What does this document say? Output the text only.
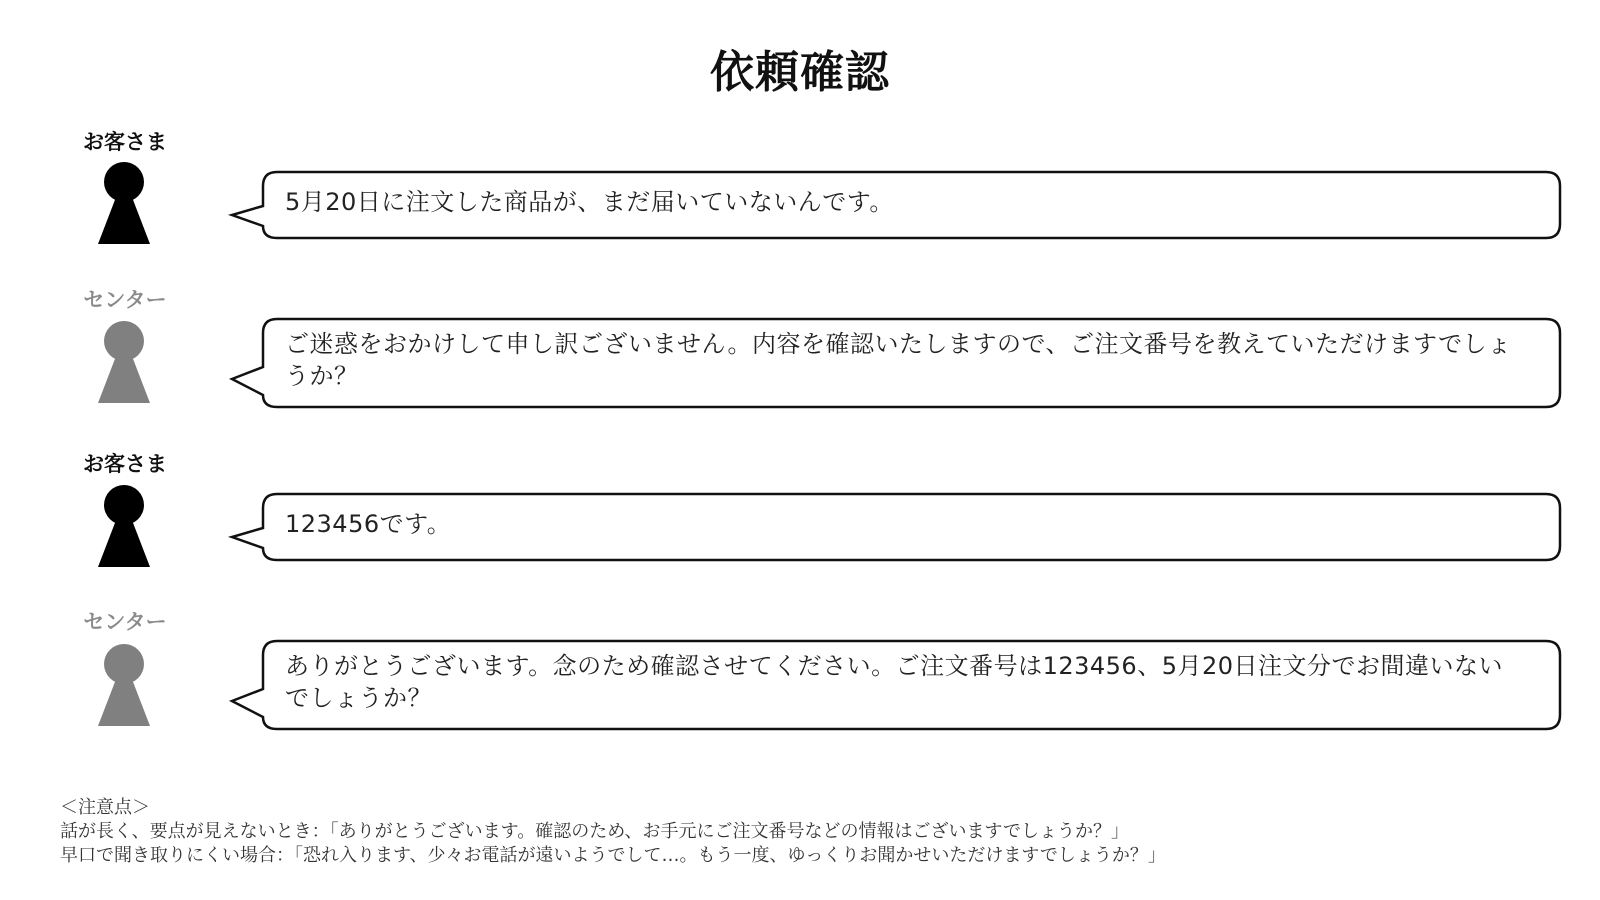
依頼確認
お客さま
5月20日に注文した商品が、まだ届いていないんです。
センター
ご迷惑をおかけして申し訳ございません。内容を確認いたしますので、ご注文番号を教えていただけますでしょうか？
お客さま
123456です。
センター
ありがとうございます。念のため確認させてください。ご注文番号は123456、5月20日注文分でお間違いないでしょうか？
＜注意点＞
話が長く、要点が見えないとき：「ありがとうございます。確認のため、お手元にご注文番号などの情報はございますでしょうか？」
早口で聞き取りにくい場合：「恐れ入ります、少々お電話が遠いようでして…。もう一度、ゆっくりお聞かせいただけますでしょうか？」
